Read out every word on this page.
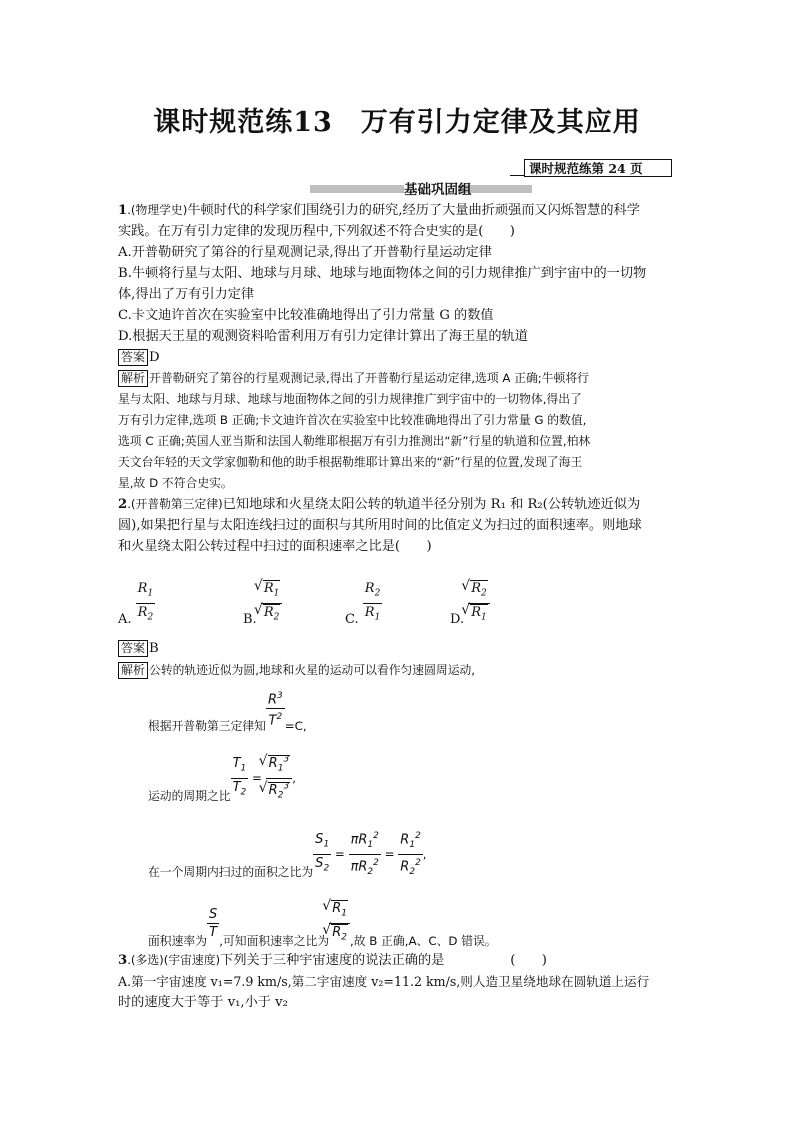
课时规范练13　万有引力定律及其应用
课时规范练第 24 页
基础巩固组
1.(物理学史)牛顿时代的科学家们围绕引力的研究,经历了大量曲折顽强而又闪烁智慧的科学
实践。在万有引力定律的发现历程中,下列叙述不符合史实的是(　　)
A.开普勒研究了第谷的行星观测记录,得出了开普勒行星运动定律
B.牛顿将行星与太阳、地球与月球、地球与地面物体之间的引力规律推广到宇宙中的一切物
体,得出了万有引力定律
C.卡文迪许首次在实验室中比较准确地得出了引力常量 G 的数值
D.根据天王星的观测资料哈雷利用万有引力定律计算出了海王星的轨道
答案 D
解析 开普勒研究了第谷的行星观测记录,得出了开普勒行星运动定律,选项 A 正确;牛顿将行
星与太阳、地球与月球、地球与地面物体之间的引力规律推广到宇宙中的一切物体,得出了
万有引力定律,选项 B 正确;卡文迪许首次在实验室中比较准确地得出了引力常量 G 的数值,
选项 C 正确;英国人亚当斯和法国人勒维耶根据万有引力推测出“新”行星的轨道和位置,柏林
天文台年轻的天文学家伽勒和他的助手根据勒维耶计算出来的“新”行星的位置,发现了海王
星,故 D 不符合史实。
2.(开普勒第三定律)已知地球和火星绕太阳公转的轨道半径分别为 R₁ 和 R₂(公转轨迹近似为
圆),如果把行星与太阳连线扫过的面积与其所用时间的比值定义为扫过的面积速率。则地球
和火星绕太阳公转过程中扫过的面积速率之比是(　　)
A. $\frac{R_1}{R_2}$	B. √ $R_1$
√ $R_2$	C. $\frac{R_2}{R_1}$	D. √ $R_2$
√ $R_1$
答案 B
解析 公转的轨迹近似为圆,地球和火星的运动可以看作匀速圆周运动,
根据开普勒第三定律知 $\frac{R^3}{T^2} =C$,
运动的周期之比 $\frac{T_1}{T_2}$ = √ $R_1^3$
√ $R_2^3$ ,
在一个周期内扫过的面积之比为 $\frac{S_1}{S_2} = \frac{\pi R_1^2}{\pi R_2^2} = \frac{R_1^2}{R_2^2}$ ,
面积速率为 $\frac{S}{T}$ ,可知面积速率之比为 √ $R_1$
√ $R_2$ ,故 B 正确,A、C、D 错误。
3.(多选)(宇宙速度)下列关于三种宇宙速度的说法正确的是　　　　　(　　)
A.第一宇宙速度 v₁=7.9 km/s,第二宇宙速度 v₂=11.2 km/s,则人造卫星绕地球在圆轨道上运行
时的速度大于等于 v₁,小于 v₂
